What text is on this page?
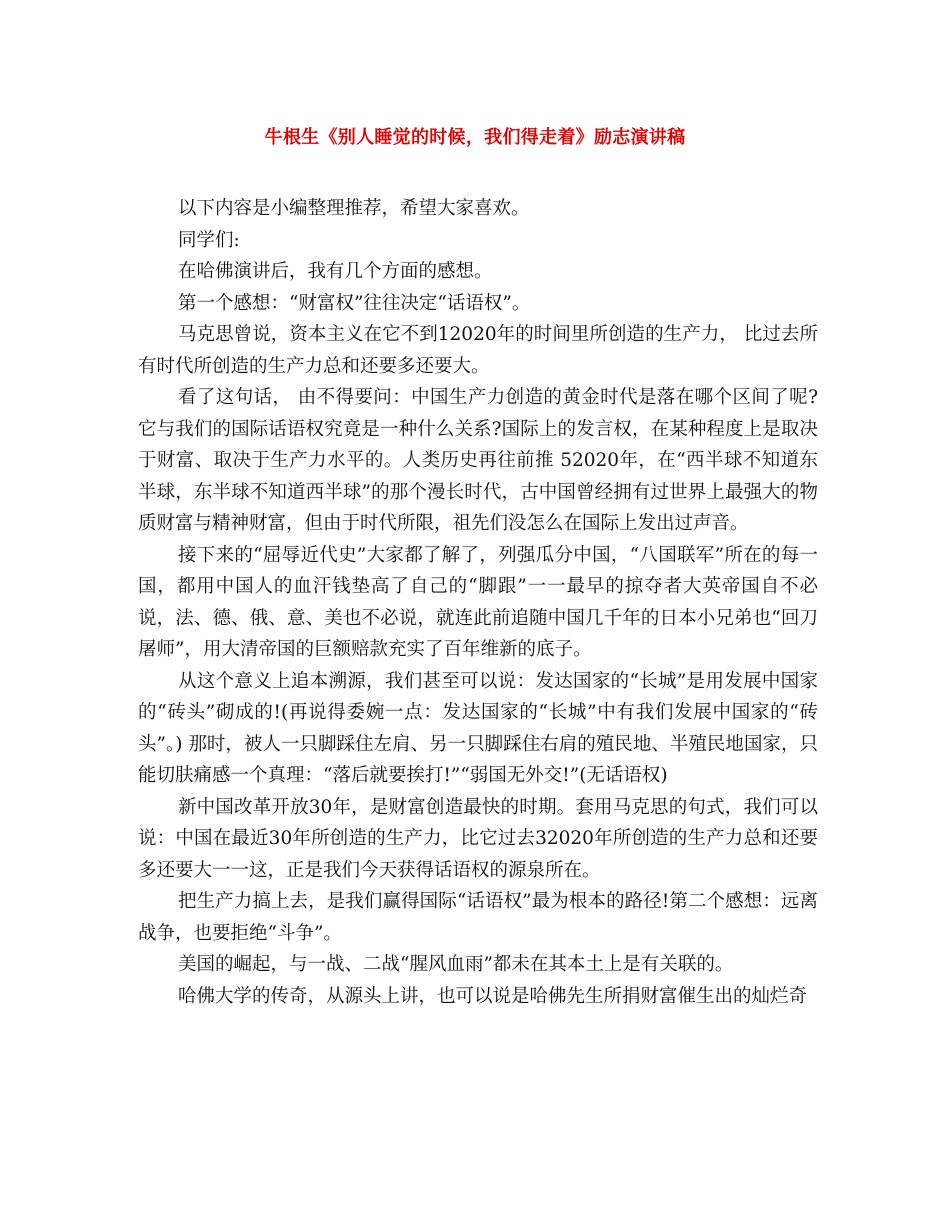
牛根生《别人睡觉的时候，我们得走着》励志演讲稿

以下内容是小编整理推荐，希望大家喜欢。

同学们:

在哈佛演讲后，我有几个方面的感想。

第一个感想：“财富权”往往决定“话语权”。

马克思曾说，资本主义在它不到12020年的时间里所创造的生产力， 比过去所有时代所创造的生产力总和还要多还要大。

看了这句话， 由不得要问：中国生产力创造的黄金时代是落在哪个区间了呢?它与我们的国际话语权究竟是一种什么关系?国际上的发言权，在某种程度上是取决于财富、取决于生产力水平的。人类历史再往前推 52020年，在“西半球不知道东半球，东半球不知道西半球”的那个漫长时代，古中国曾经拥有过世界上最强大的物质财富与精神财富，但由于时代所限，祖先们没怎么在国际上发出过声音。

接下来的“屈辱近代史”大家都了解了，列强瓜分中国，“八国联军”所在的每一国，都用中国人的血汗钱垫高了自己的“脚跟”一一最早的掠夺者大英帝国自不必说，法、德、俄、意、美也不必说，就连此前追随中国几千年的日本小兄弟也“回刀屠师”，用大清帝国的巨额赔款充实了百年维新的底子。

从这个意义上追本溯源，我们甚至可以说：发达国家的“长城”是用发展中国家的“砖头”砌成的!(再说得委婉一点：发达国家的“长城”中有我们发展中国家的“砖头”。) 那时，被人一只脚踩住左肩、另一只脚踩住右肩的殖民地、半殖民地国家，只能切肤痛感一个真理：“落后就要挨打!”“弱国无外交!”(无话语权)

新中国改革开放30年，是财富创造最快的时期。套用马克思的句式，我们可以说：中国在最近30年所创造的生产力，比它过去32020年所创造的生产力总和还要多还要大一一这，正是我们今天获得话语权的源泉所在。

把生产力搞上去，是我们赢得国际“话语权”最为根本的路径!第二个感想：远离战争，也要拒绝“斗争”。

美国的崛起，与一战、二战“腥风血雨”都未在其本土上是有关联的。

哈佛大学的传奇，从源头上讲，也可以说是哈佛先生所捐财富催生出的灿烂奇
